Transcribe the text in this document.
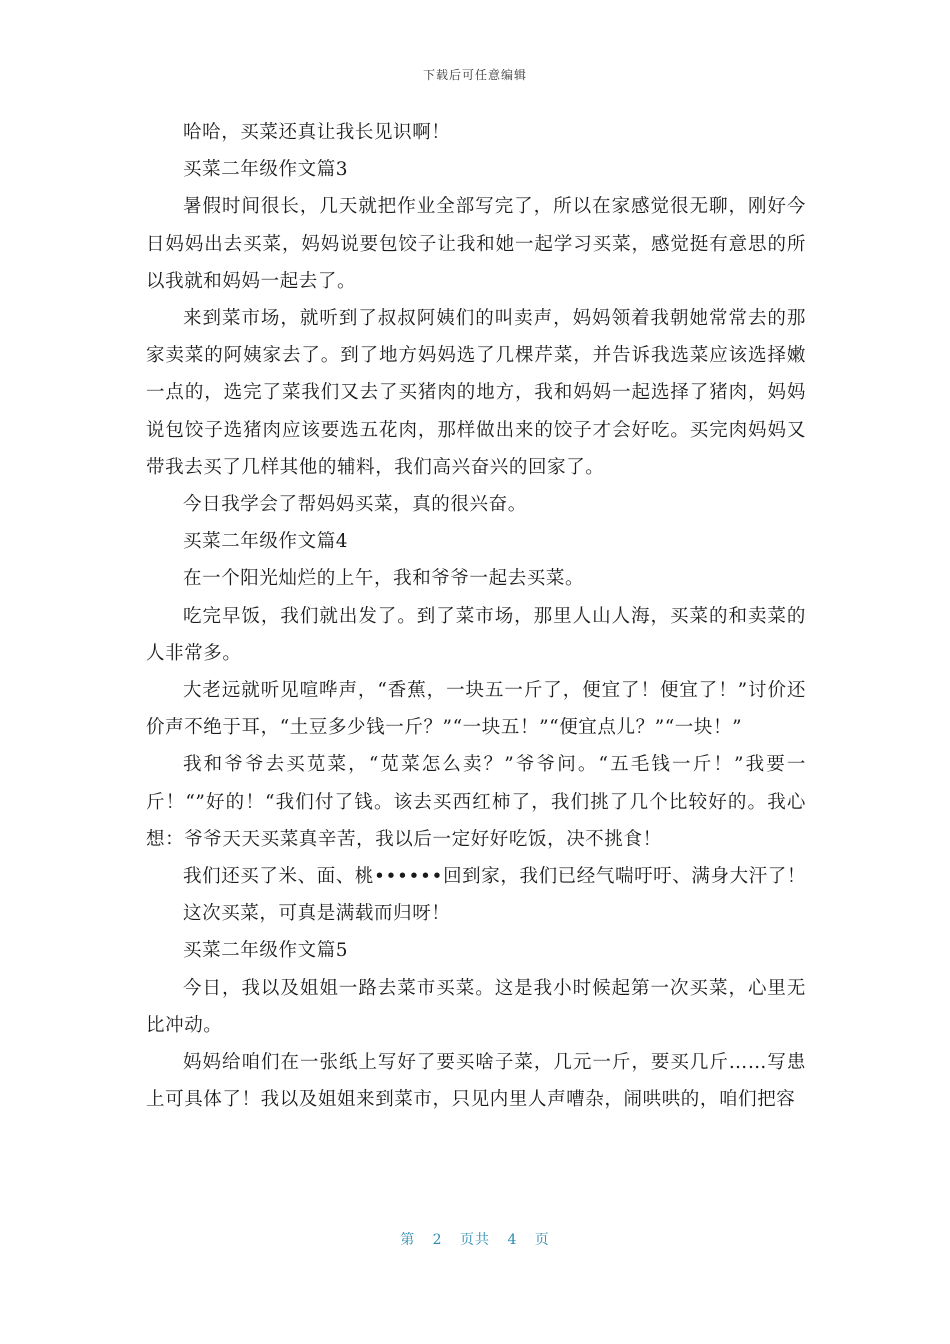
下载后可任意编辑

哈哈，买菜还真让我长见识啊！

买菜二年级作文篇3

暑假时间很长，几天就把作业全部写完了，所以在家感觉很无聊，刚好今日妈妈出去买菜，妈妈说要包饺子让我和她一起学习买菜，感觉挺有意思的所以我就和妈妈一起去了。

来到菜市场，就听到了叔叔阿姨们的叫卖声，妈妈领着我朝她常常去的那家卖菜的阿姨家去了。到了地方妈妈选了几棵芹菜，并告诉我选菜应该选择嫩一点的，选完了菜我们又去了买猪肉的地方，我和妈妈一起选择了猪肉，妈妈说包饺子选猪肉应该要选五花肉，那样做出来的饺子才会好吃。买完肉妈妈又带我去买了几样其他的辅料，我们高兴奋兴的回家了。

今日我学会了帮妈妈买菜，真的很兴奋。

买菜二年级作文篇4

在一个阳光灿烂的上午，我和爷爷一起去买菜。

吃完早饭，我们就出发了。到了菜市场，那里人山人海，买菜的和卖菜的人非常多。

大老远就听见喧哗声，“香蕉，一块五一斤了，便宜了！便宜了！”讨价还价声不绝于耳，“土豆多少钱一斤？”“一块五！”“便宜点儿？”“一块！”

我和爷爷去买苋菜，“苋菜怎么卖？”爷爷问。“五毛钱一斤！”我要一斤！“”好的！“我们付了钱。该去买西红柿了，我们挑了几个比较好的。我心想：爷爷天天买菜真辛苦，我以后一定好好吃饭，决不挑食！

我们还买了米、面、桃••••••回到家，我们已经气喘吁吁、满身大汗了！

这次买菜，可真是满载而归呀！

买菜二年级作文篇5

今日，我以及姐姐一路去菜市买菜。这是我小时候起第一次买菜，心里无比冲动。

妈妈给咱们在一张纸上写好了要买啥子菜，几元一斤，要买几斤……写患上可具体了！我以及姐姐来到菜市，只见内里人声嘈杂，闹哄哄的，咱们把容

第 2 页共 4 页
